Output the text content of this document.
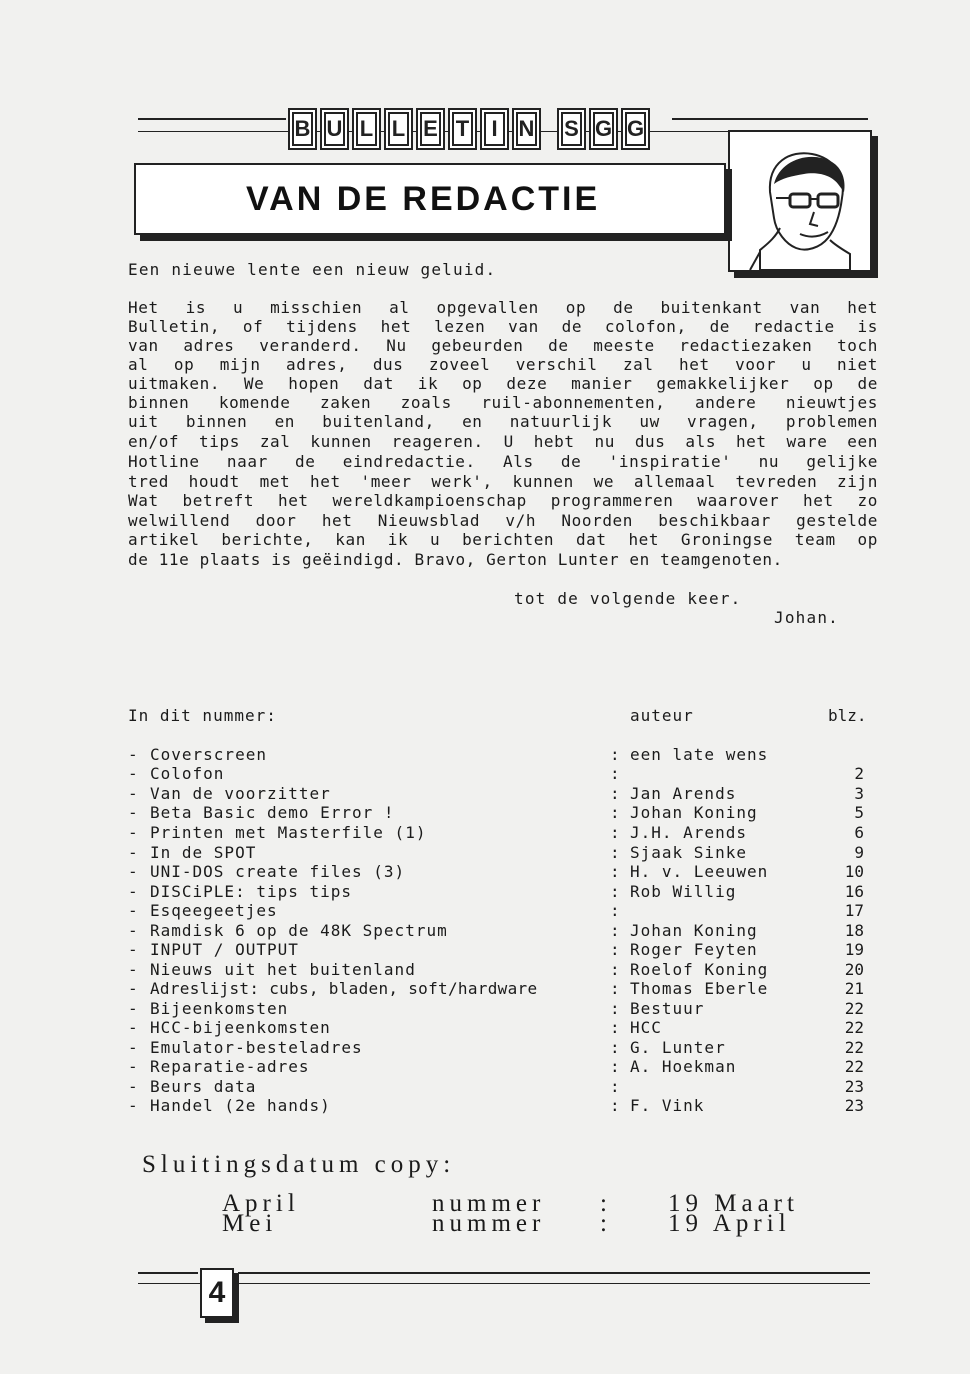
B U L L E T	I N	S G G
VAN DE REDACTIE
Een nieuwe lente een nieuw geluid.
Het is u misschien al opgevallen op de buitenkant van het
Bulletin, of tijdens het lezen van de colofon, de redactie is
van adres veranderd. Nu gebeurden de meeste redactiezaken toch
al op mijn adres, dus zoveel verschil zal het voor u niet
uitmaken. We hopen dat ik op deze manier gemakkelijker op de
binnen komende zaken zoals ruil-abonnementen, andere nieuwtjes
uit binnen en buitenland, en natuurlijk uw vragen, problemen
en/of tips zal kunnen reageren. U hebt nu dus als het ware een
Hotline naar de eindredactie. Als de 'inspiratie' nu gelijke
tred houdt met het 'meer werk', kunnen we allemaal tevreden zijn
Wat betreft het wereldkampioenschap programmeren waarover het zo
welwillend door het Nieuwsblad v/h Noorden beschikbaar gestelde
artikel berichte, kan ik u berichten dat het Groningse team op
de 11e plaats is geëindigd. Bravo, Gerton Lunter en teamgenoten.
tot de volgende keer.
Johan.
In dit nummer:	auteur	blz.
- Coverscreen	: een late wens
- Colofon	:	2
- Van de voorzitter	: Jan Arends	3
- Beta Basic demo Error !	: Johan Koning	5
- Printen met Masterfile (1)	: J.H. Arends	6
- In de SPOT	: Sjaak Sinke	9
- UNI-DOS create files (3)	: H. v. Leeuwen	10
- DISCiPLE: tips tips	: Rob Willig	16
- Esqeegeetjes	:	17
- Ramdisk 6 op de 48K Spectrum	: Johan Koning	18
- INPUT / OUTPUT	: Roger Feyten	19
- Nieuws uit het buitenland	: Roelof Koning	20
- Adreslijst: cubs, bladen, soft/hardware	: Thomas Eberle	21
- Bijeenkomsten	: Bestuur	22
- HCC-bijeenkomsten	: HCC	22
- Emulator-besteladres	: G. Lunter	22
- Reparatie-adres	: A. Hoekman	22
- Beurs data	:	23
- Handel (2e hands)	: F. Vink	23
Sluitingsdatum copy:
April	nummer : 19 Maart
Mei	nummer : 19 April
4
